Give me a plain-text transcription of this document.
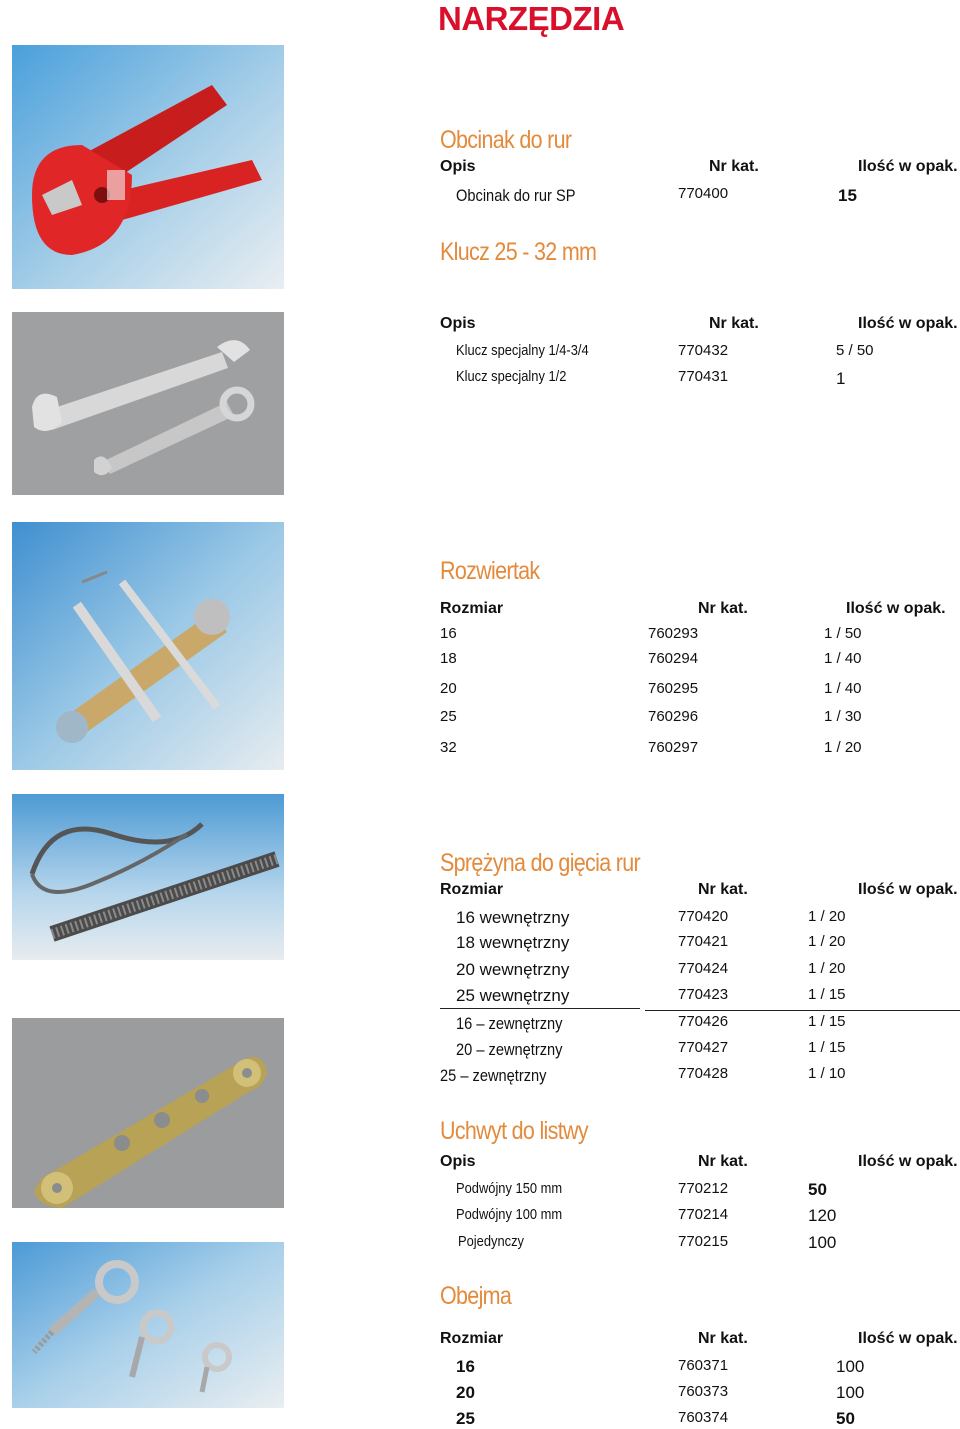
NARZĘDZIA
Obcinak do rur
Opis	Nr kat.	Ilość w opak.
Obcinak do rur SP	770400	15
Klucz 25 - 32 mm
Opis	Nr kat.	Ilość w opak.
Klucz specjalny 1/4-3/4	770432	5 / 50
Klucz specjalny 1/2	770431	1
Rozwiertak
Rozmiar	Nr kat.	Ilość w opak.
16	760293	1 / 50
18	760294	1 / 40
20	760295	1 / 40
25	760296	1 / 30
32	760297	1 / 20
Sprężyna do gięcia rur
Rozmiar	Nr kat.	Ilość w opak.
16 wewnętrzny	770420	1 / 20
18 wewnętrzny	770421	1 / 20
20 wewnętrzny	770424	1 / 20
25 wewnętrzny	770423	1 / 15
16 – zewnętrzny	770426	1 / 15
20 – zewnętrzny	770427	1 / 15
25 – zewnętrzny	770428	1 / 10
Uchwyt do listwy
Opis	Nr kat.	Ilość w opak.
Podwójny 150 mm	770212	50
Podwójny 100 mm	770214	120
Pojedynczy	770215	100
Obejma
Rozmiar	Nr kat.	Ilość w opak.
16	760371	100
20	760373	100
25	760374	50
